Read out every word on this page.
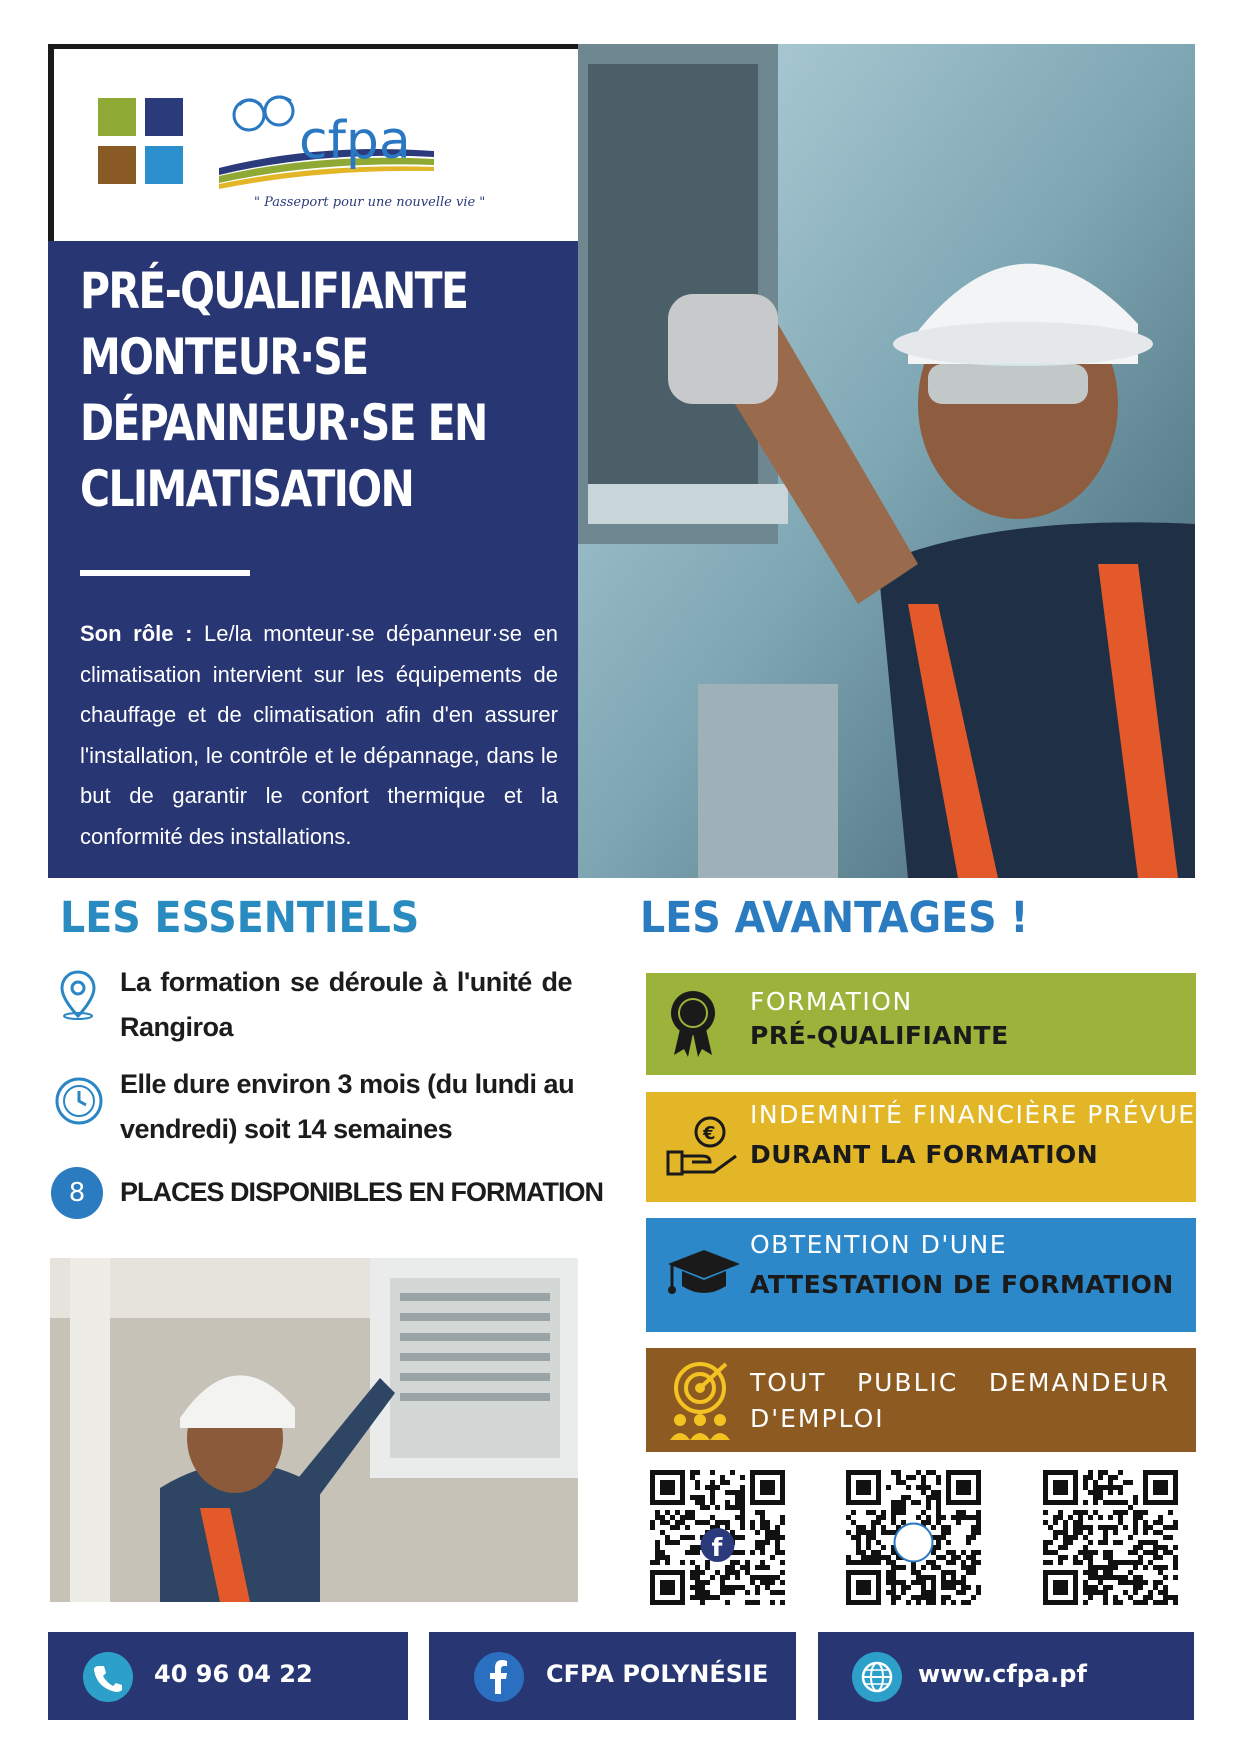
cfpa
" Passeport pour une nouvelle vie "
PRÉ-QUALIFIANTE
MONTEUR·SE
DÉPANNEUR·SE EN
CLIMATISATION
Son rôle : Le/la monteur·se dépanneur·se en climatisation intervient sur les équipements de chauffage et de climatisation afin d'en assurer l'installation, le contrôle et le dépannage, dans le but de garantir le confort thermique et la conformité des installations.
LES ESSENTIELS
La formation se déroule à l'unité de Rangiroa
Elle dure environ 3 mois (du lundi au vendredi) soit 14 semaines
8	PLACES DISPONIBLES EN FORMATION
LES AVANTAGES !
FORMATION
PRÉ-QUALIFIANTE
€
INDEMNITÉ FINANCIÈRE PRÉVUE
DURANT LA FORMATION
OBTENTION D'UNE
ATTESTATION DE FORMATION
TOUT PUBLIC DEMANDEUR
D'EMPLOI
f
40 96 04 22	CFPA POLYNÉSIE	www.cfpa.pf
